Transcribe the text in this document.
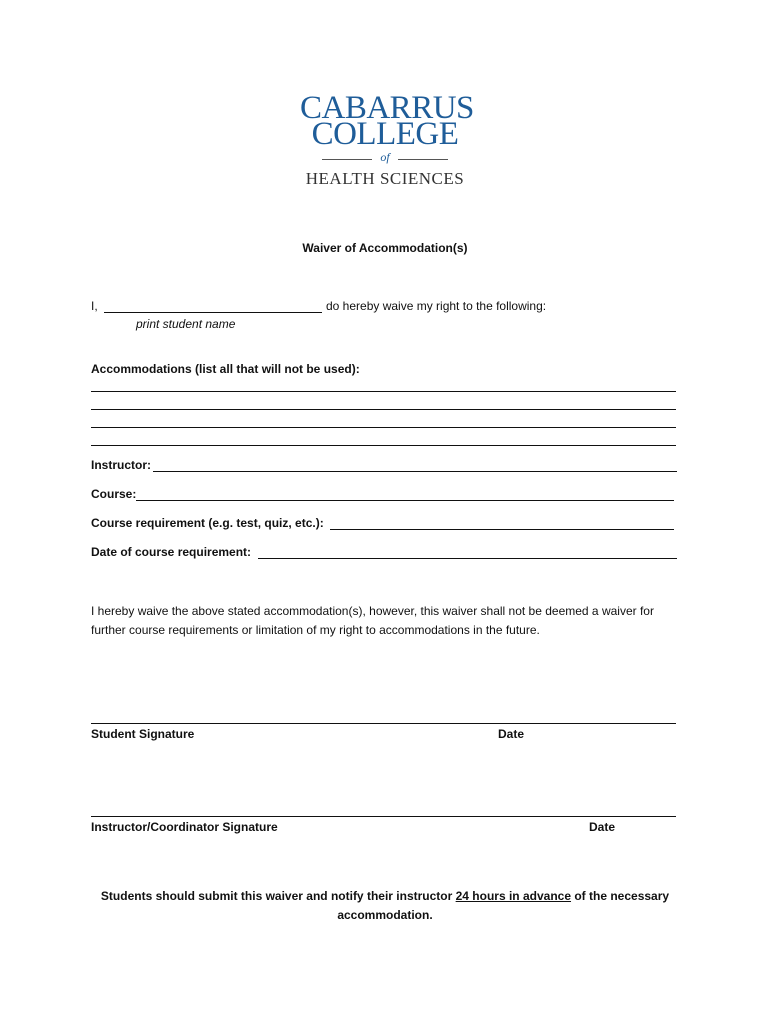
CABARRUS
COLLEGE
of
HEALTH SCIENCES
Waiver of Accommodation(s)
I,	do hereby waive my right to the following:
print student name
Accommodations (list all that will not be used):
Instructor:
Course:
Course requirement (e.g. test, quiz, etc.):
Date of course requirement:
I hereby waive the above stated accommodation(s), however, this waiver shall not be deemed a waiver for further course requirements or limitation of my right to accommodations in the future.
Student Signature	Date
Instructor/Coordinator Signature	Date
Students should submit this waiver and notify their instructor 24 hours in advance of the necessary accommodation.
